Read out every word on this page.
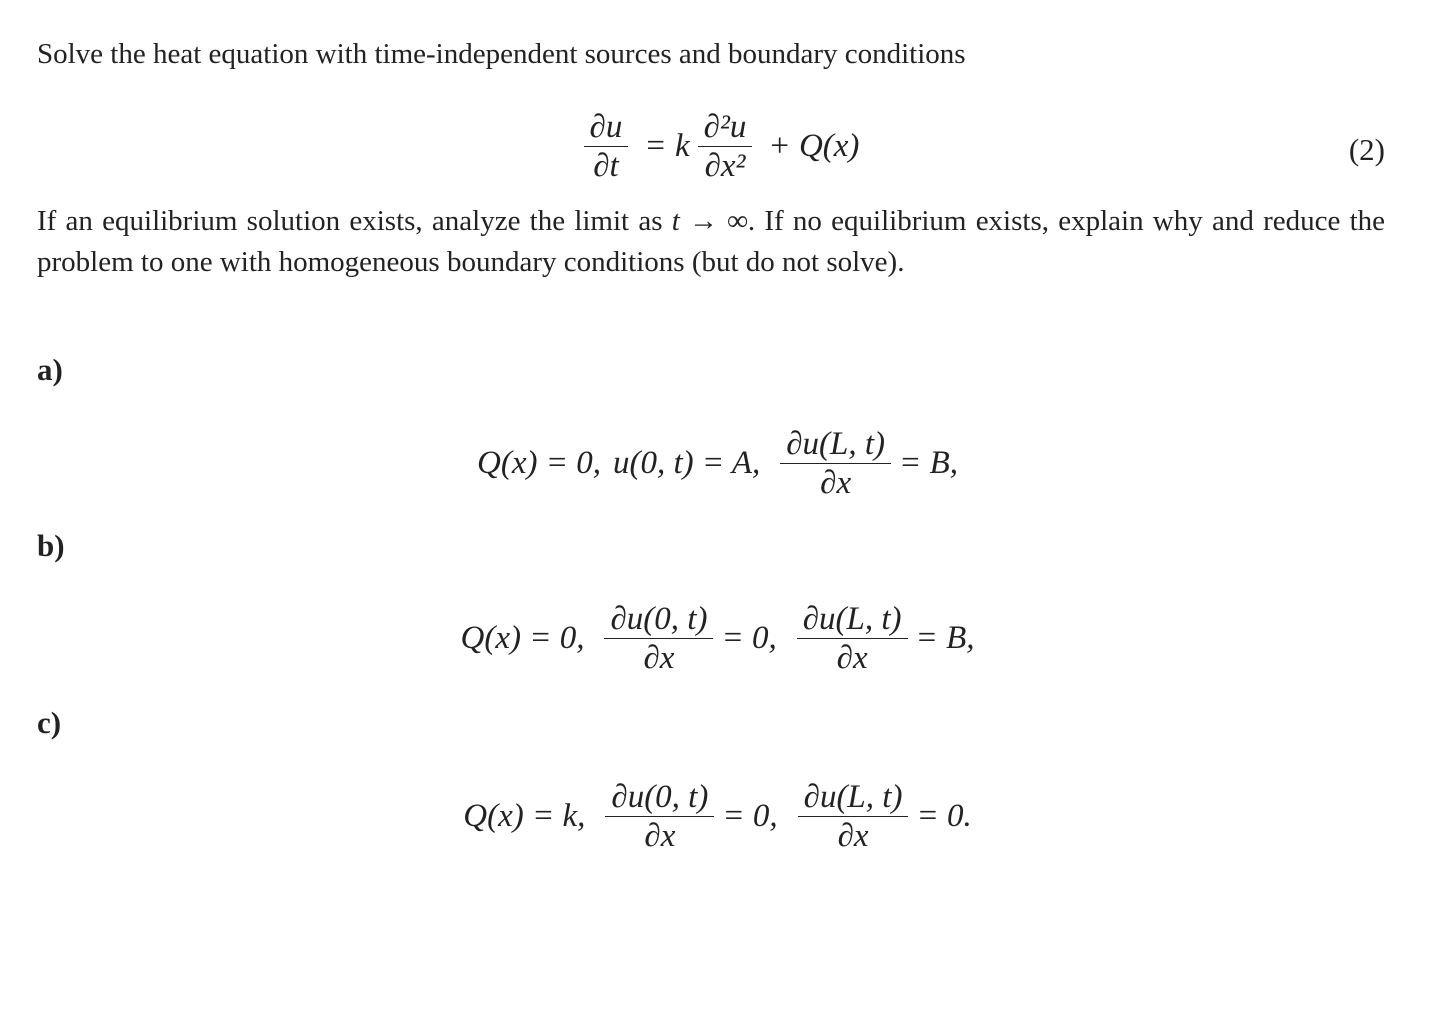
Solve the heat equation with time-independent sources and boundary conditions

$\frac{\partial u}{\partial t} = k \frac{\text{∂²u}}{\text{∂x²}} + Q(x)$	(2)

If an equilibrium solution exists, analyze the limit as t → ∞. If no equilibrium exists, explain why and reduce the problem to one with homogeneous boundary conditions (but do not solve).

a)
Q(x) = 0, u(0, t) = A, $\frac{\partial u(L, t)}{\partial x} = B$,
b)
Q(x) = 0, $\frac{\partial u(0, t)}{\partial x} = 0$, $\frac{\partial u(L, t)}{\partial x} = B$,
c)
Q(x) = k, $\frac{\partial u(0, t)}{\partial x} = 0$, $\frac{\partial u(L, t)}{\partial x} = 0$.
